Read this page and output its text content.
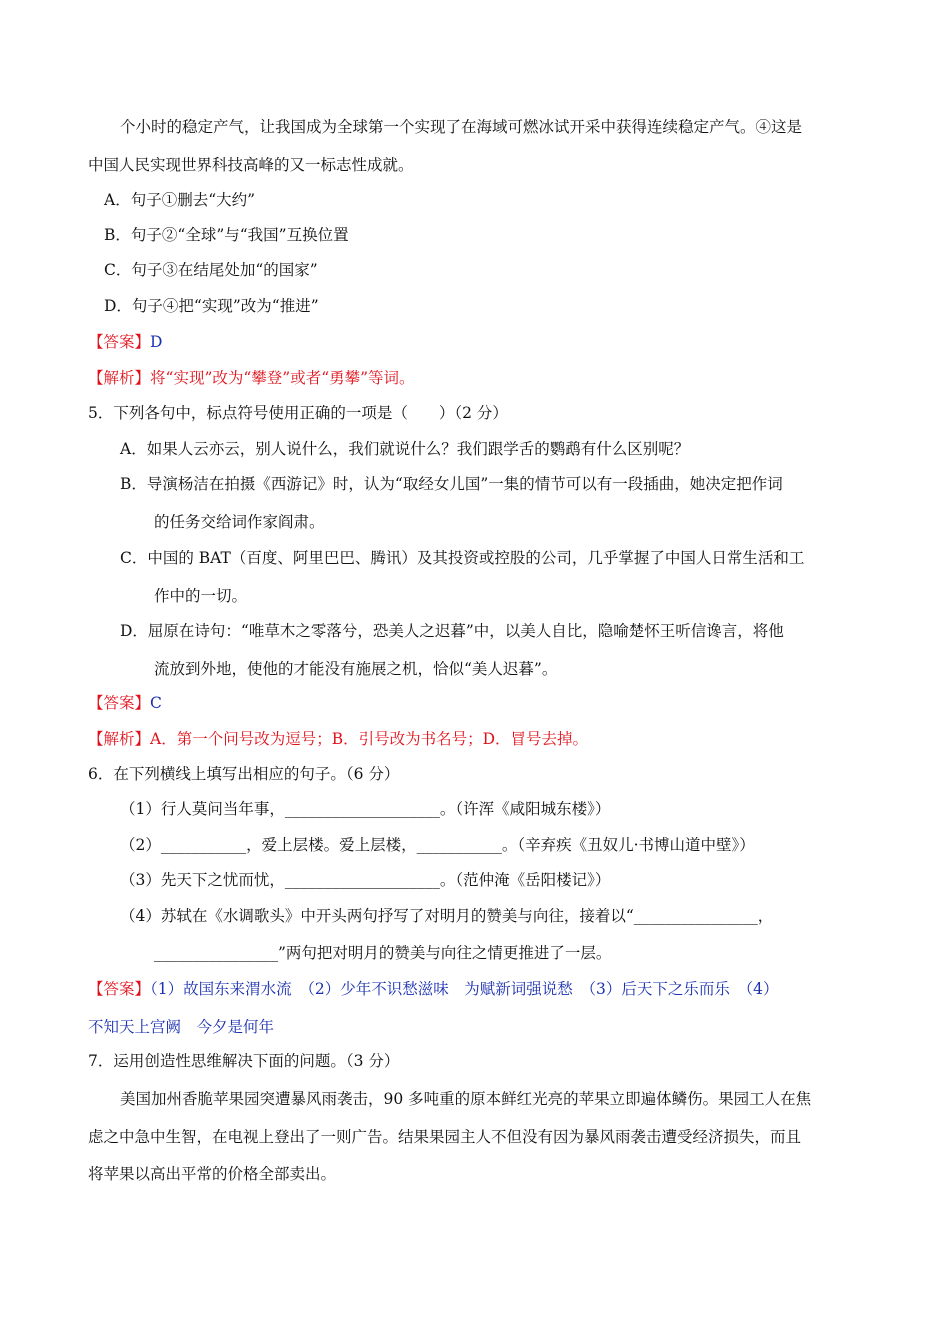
个小时的稳定产气，让我国成为全球第一个实现了在海域可燃冰试开采中获得连续稳定产气。④这是
中国人民实现世界科技高峰的又一标志性成就。
A．句子①删去“大约”
B．句子②“全球”与“我国”互换位置
C．句子③在结尾处加“的国家”
D．句子④把“实现”改为“推进”
【答案】D
【解析】将“实现”改为“攀登”或者“勇攀”等词。
5．下列各句中，标点符号使用正确的一项是（　　）（2 分）
A．如果人云亦云，别人说什么，我们就说什么？我们跟学舌的鹦鹉有什么区别呢？
B．导演杨洁在拍摄《西游记》时，认为“取经女儿国”一集的情节可以有一段插曲，她决定把作词
的任务交给词作家阎肃。
C．中国的 BAT（百度、阿里巴巴、腾讯）及其投资或控股的公司，几乎掌握了中国人日常生活和工
作中的一切。
D．屈原在诗句：“唯草木之零落兮，恐美人之迟暮”中，以美人自比，隐喻楚怀王听信谗言，将他
流放到外地，使他的才能没有施展之机，恰似“美人迟暮”。
【答案】C
【解析】A．第一个问号改为逗号；B．引号改为书名号；D．冒号去掉。
6．在下列横线上填写出相应的句子。（6 分）
（1）行人莫问当年事，____________________。（许浑《咸阳城东楼》）
（2）___________，爱上层楼。爱上层楼，___________。（辛弃疾《丑奴儿·书博山道中壁》）
（3）先天下之忧而忧，____________________。（范仲淹《岳阳楼记》）
（4）苏轼在《水调歌头》中开头两句抒写了对明月的赞美与向往，接着以“________________，
________________”两句把对明月的赞美与向往之情更推进了一层。
【答案】（1）故国东来渭水流　（2）少年不识愁滋味　为赋新词强说愁　（3）后天下之乐而乐　（4）
不知天上宫阙　今夕是何年
7．运用创造性思维解决下面的问题。（3 分）
美国加州香脆苹果园突遭暴风雨袭击，90 多吨重的原本鲜红光亮的苹果立即遍体鳞伤。果园工人在焦
虑之中急中生智，在电视上登出了一则广告。结果果园主人不但没有因为暴风雨袭击遭受经济损失，而且
将苹果以高出平常的价格全部卖出。
